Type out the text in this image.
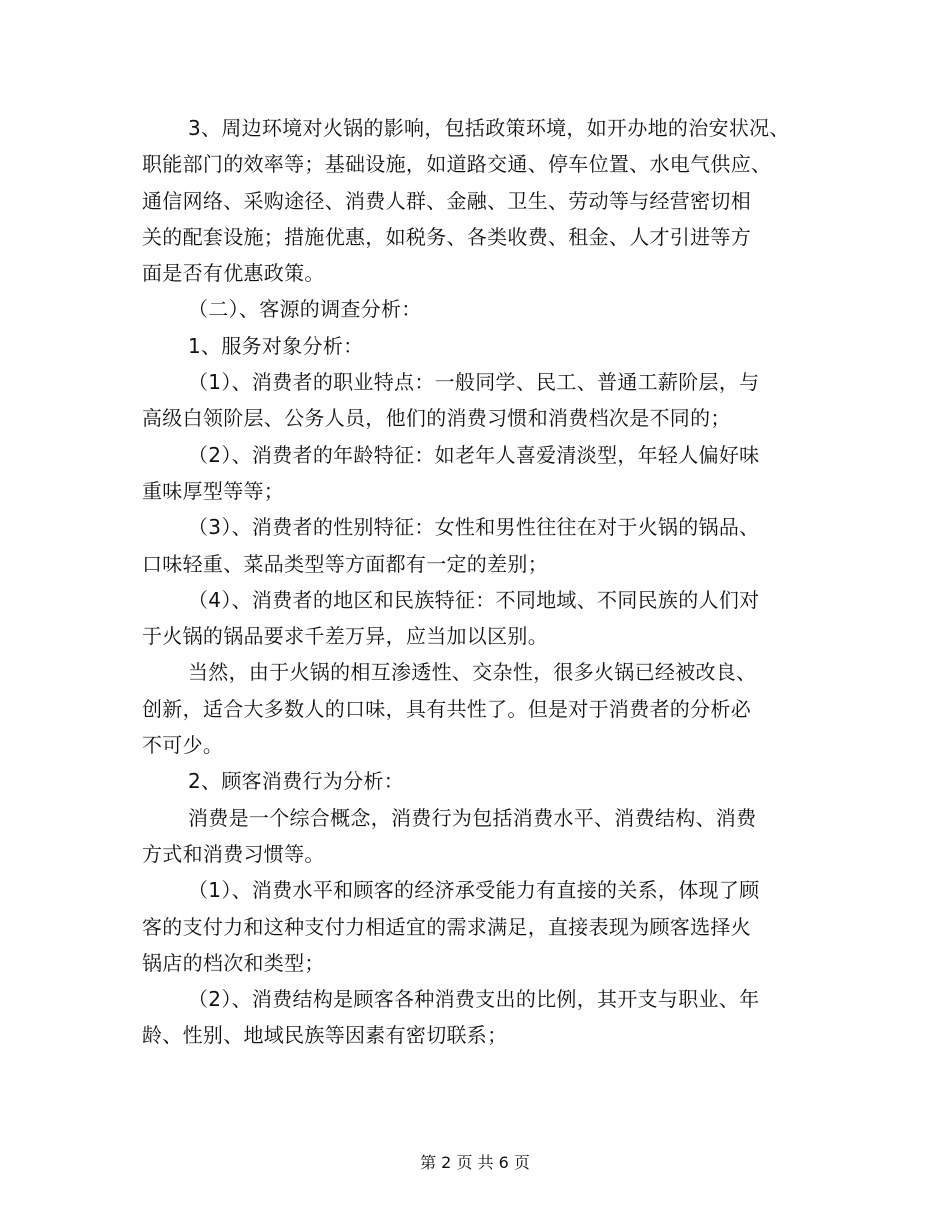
3、周边环境对火锅的影响，包括政策环境，如开办地的治安状况、
职能部门的效率等；基础设施，如道路交通、停车位置、水电气供应、
通信网络、采购途径、消费人群、金融、卫生、劳动等与经营密切相
关的配套设施；措施优惠，如税务、各类收费、租金、人才引进等方
面是否有优惠政策。
（二）、客源的调查分析：
1、服务对象分析：
（1）、消费者的职业特点：一般同学、民工、普通工薪阶层，与
高级白领阶层、公务人员，他们的消费习惯和消费档次是不同的；
（2）、消费者的年龄特征：如老年人喜爱清淡型，年轻人偏好味
重味厚型等等；
（3）、消费者的性别特征：女性和男性往往在对于火锅的锅品、
口味轻重、菜品类型等方面都有一定的差别；
（4）、消费者的地区和民族特征：不同地域、不同民族的人们对
于火锅的锅品要求千差万异，应当加以区别。
当然，由于火锅的相互渗透性、交杂性，很多火锅已经被改良、
创新，适合大多数人的口味，具有共性了。但是对于消费者的分析必
不可少。
2、顾客消费行为分析：
消费是一个综合概念，消费行为包括消费水平、消费结构、消费
方式和消费习惯等。
（1）、消费水平和顾客的经济承受能力有直接的关系，体现了顾
客的支付力和这种支付力相适宜的需求满足，直接表现为顾客选择火
锅店的档次和类型；
（2）、消费结构是顾客各种消费支出的比例，其开支与职业、年
龄、性别、地域民族等因素有密切联系；
第 2 页 共 6 页
